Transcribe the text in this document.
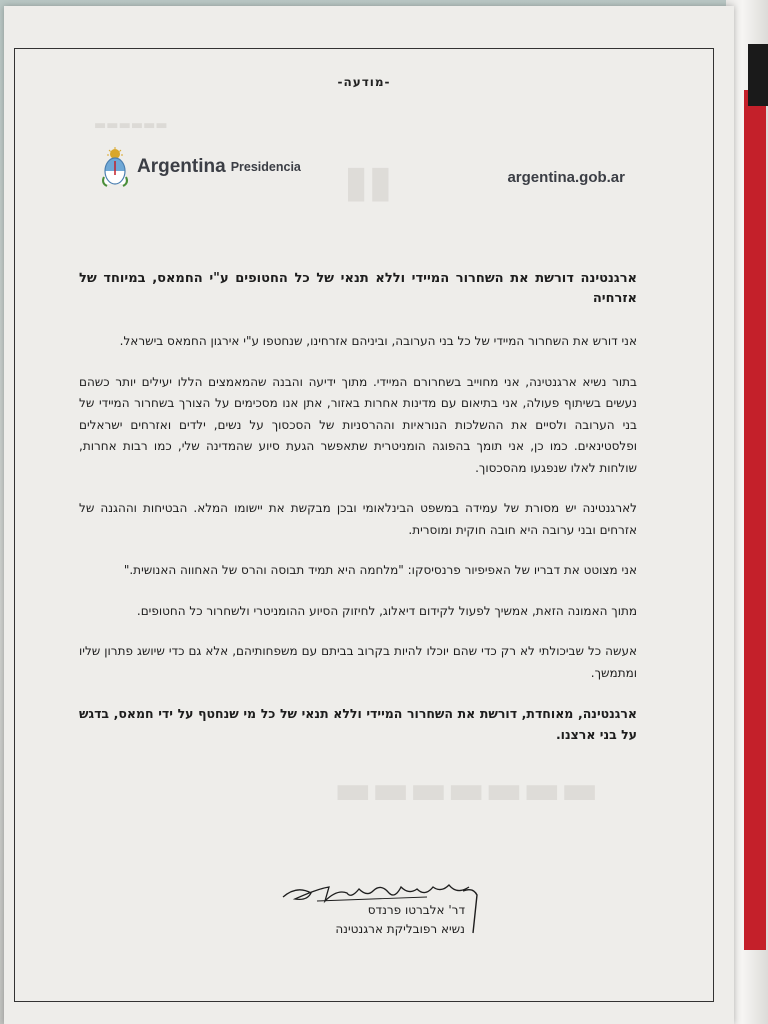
▬▬▬▬▬▬
▮▮
▬▬▬▬▬▬▬
-מודעה-
Argentina Presidencia
argentina.gob.ar

ארגנטינה דורשת את השחרור המיידי וללא תנאי של כל החטופים ע"י החמאס, במיוחד של אזרחיה

אני דורש את השחרור המיידי של כל בני הערובה, וביניהם אזרחינו, שנחטפו ע"י אירגון החמאס בישראל.

בתור נשיא ארגנטינה, אני מחוייב בשחרורם המיידי. מתוך ידיעה והבנה שהמאמצים הללו יעילים יותר כשהם נעשים בשיתוף פעולה, אני בתיאום עם מדינות אחרות באזור, אתן אנו מסכימים על הצורך בשחרור המיידי של בני הערובה ולסיים את ההשלכות הנוראיות וההרסניות של הסכסוך על נשים, ילדים ואזרחים ישראלים ופלסטינאים. כמו כן, אני תומך בהפוגה הומניטרית שתאפשר הגעת סיוע שהמדינה שלי, כמו רבות אחרות, שולחות לאלו שנפגעו מהסכסוך.

לארגנטינה יש מסורת של עמידה במשפט הבינלאומי ובכן מבקשת את יישומו המלא. הבטיחות וההגנה של אזרחים ובני ערובה היא חובה חוקית ומוסרית.

אני מצוטט את דבריו של האפיפיור פרנסיסקו: "מלחמה היא תמיד תבוסה והרס של האחווה האנושית."

מתוך האמונה הזאת, אמשיך לפעול לקידום דיאלוג, לחיזוק הסיוע ההומניטרי ולשחרור כל החטופים.

אעשה כל שביכולתי לא רק כדי שהם יוכלו להיות בקרוב בביתם עם משפחותיהם, אלא גם כדי שיושג פתרון שליו ומתמשך.

ארגנטינה, מאוחדת, דורשת את השחרור המיידי וללא תנאי של כל מי שנחטף על ידי חמאס, בדגש על בני ארצנו.

דר' אלברטו פרנדס
נשיא רפובליקת ארגנטינה
